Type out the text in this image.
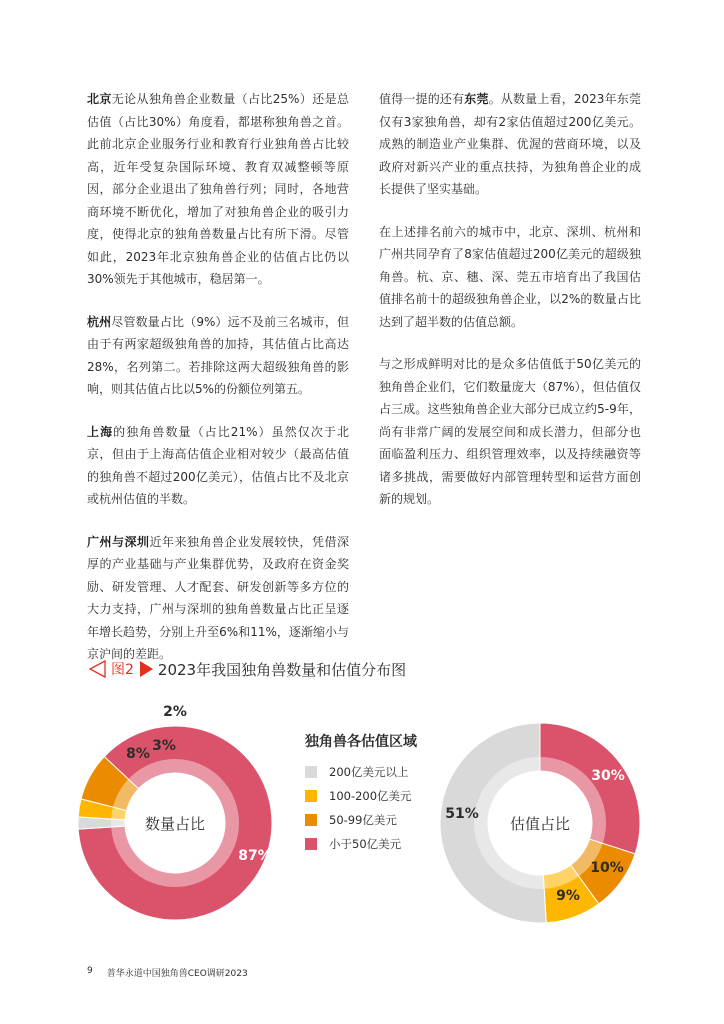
北京无论从独角兽企业数量（占比25%）还是总估值（占比30%）角度看，都堪称独角兽之首。此前北京企业服务行业和教育行业独角兽占比较高，近年受复杂国际环境、教育双减整顿等原因，部分企业退出了独角兽行列；同时，各地营商环境不断优化，增加了对独角兽企业的吸引力度，使得北京的独角兽数量占比有所下滑。尽管如此，2023年北京独角兽企业的估值占比仍以30%领先于其他城市，稳居第一。

杭州尽管数量占比（9%）远不及前三名城市，但由于有两家超级独角兽的加持，其估值占比高达28%，名列第二。若排除这两大超级独角兽的影响，则其估值占比以5%的份额位列第五。

上海的独角兽数量（占比21%）虽然仅次于北京，但由于上海高估值企业相对较少（最高估值的独角兽不超过200亿美元），估值占比不及北京或杭州估值的半数。

广州与深圳近年来独角兽企业发展较快，凭借深厚的产业基础与产业集群优势，及政府在资金奖励、研发管理、人才配套、研发创新等多方位的大力支持，广州与深圳的独角兽数量占比正呈逐年增长趋势，分别上升至6%和11%，逐渐缩小与京沪间的差距。

值得一提的还有东莞。从数量上看，2023年东莞仅有3家独角兽，却有2家估值超过200亿美元。成熟的制造业产业集群、优渥的营商环境，以及政府对新兴产业的重点扶持，为独角兽企业的成长提供了坚实基础。

在上述排名前六的城市中，北京、深圳、杭州和广州共同孕育了8家估值超过200亿美元的超级独角兽。杭、京、穗、深、莞五市培育出了我国估值排名前十的超级独角兽企业，以2%的数量占比达到了超半数的估值总额。

与之形成鲜明对比的是众多估值低于50亿美元的独角兽企业们，它们数量庞大（87%），但估值仅占三成。这些独角兽企业大部分已成立约5-9年，尚有非常广阔的发展空间和成长潜力，但部分也面临盈利压力、组织管理效率，以及持续融资等诸多挑战，需要做好内部管理转型和运营方面创新的规划。

图2 2023年我国独角兽数量和估值分布图
数量占比
2%
3%
8%
87%
估值占比
51%
9%
10%
30%
独角兽各估值区域
200亿美元以上
100-200亿美元
50-99亿美元
小于50亿美元
9 普华永道中国独角兽CEO调研2023
